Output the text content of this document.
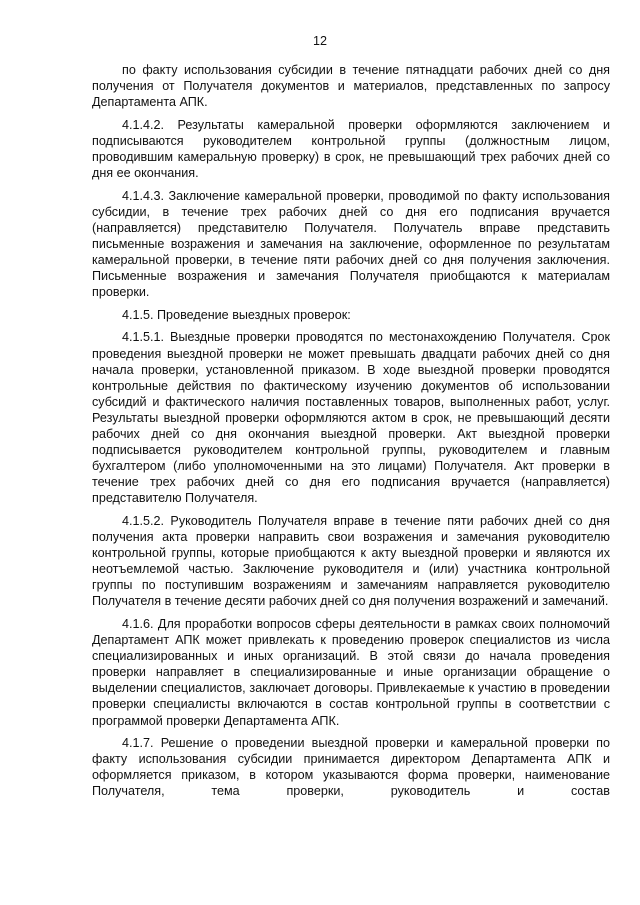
12

по факту использования субсидии в течение пятнадцати рабочих дней со дня получения от Получателя документов и материалов, представленных по запросу Департамента АПК.

4.1.4.2. Результаты камеральной проверки оформляются заключением и подписываются руководителем контрольной группы (должностным лицом, проводившим камеральную проверку) в срок, не превышающий трех рабочих дней со дня ее окончания.

4.1.4.3. Заключение камеральной проверки, проводимой по факту использования субсидии, в течение трех рабочих дней со дня его подписания вручается (направляется) представителю Получателя. Получатель вправе представить письменные возражения и замечания на заключение, оформленное по результатам камеральной проверки, в течение пяти рабочих дней со дня получения заключения. Письменные возражения и замечания Получателя приобщаются к материалам проверки.

4.1.5. Проведение выездных проверок:

4.1.5.1. Выездные проверки проводятся по местонахождению Получателя. Срок проведения выездной проверки не может превышать двадцати рабочих дней со дня начала проверки, установленной приказом. В ходе выездной проверки проводятся контрольные действия по фактическому изучению документов об использовании субсидий и фактического наличия поставленных товаров, выполненных работ, услуг. Результаты выездной проверки оформляются актом в срок, не превышающий десяти рабочих дней со дня окончания выездной проверки. Акт выездной проверки подписывается руководителем контрольной группы, руководителем и главным бухгалтером (либо уполномоченными на это лицами) Получателя. Акт проверки в течение трех рабочих дней со дня его подписания вручается (направляется) представителю Получателя.

4.1.5.2. Руководитель Получателя вправе в течение пяти рабочих дней со дня получения акта проверки направить свои возражения и замечания руководителю контрольной группы, которые приобщаются к акту выездной проверки и являются их неотъемлемой частью. Заключение руководителя и (или) участника контрольной группы по поступившим возражениям и замечаниям направляется руководителю Получателя в течение десяти рабочих дней со дня получения возражений и замечаний.

4.1.6. Для проработки вопросов сферы деятельности в рамках своих полномочий Департамент АПК может привлекать к проведению проверок специалистов из числа специализированных и иных организаций. В этой связи до начала проведения проверки направляет в специализированные и иные организации обращение о выделении специалистов, заключает договоры. Привлекаемые к участию в проведении проверки специалисты включаются в состав контрольной группы в соответствии с программой проверки Департамента АПК.

4.1.7. Решение о проведении выездной проверки и камеральной проверки по факту использования субсидии принимается директором Департамента АПК и оформляется приказом, в котором указываются форма проверки, наименование Получателя, тема проверки, руководитель и состав
